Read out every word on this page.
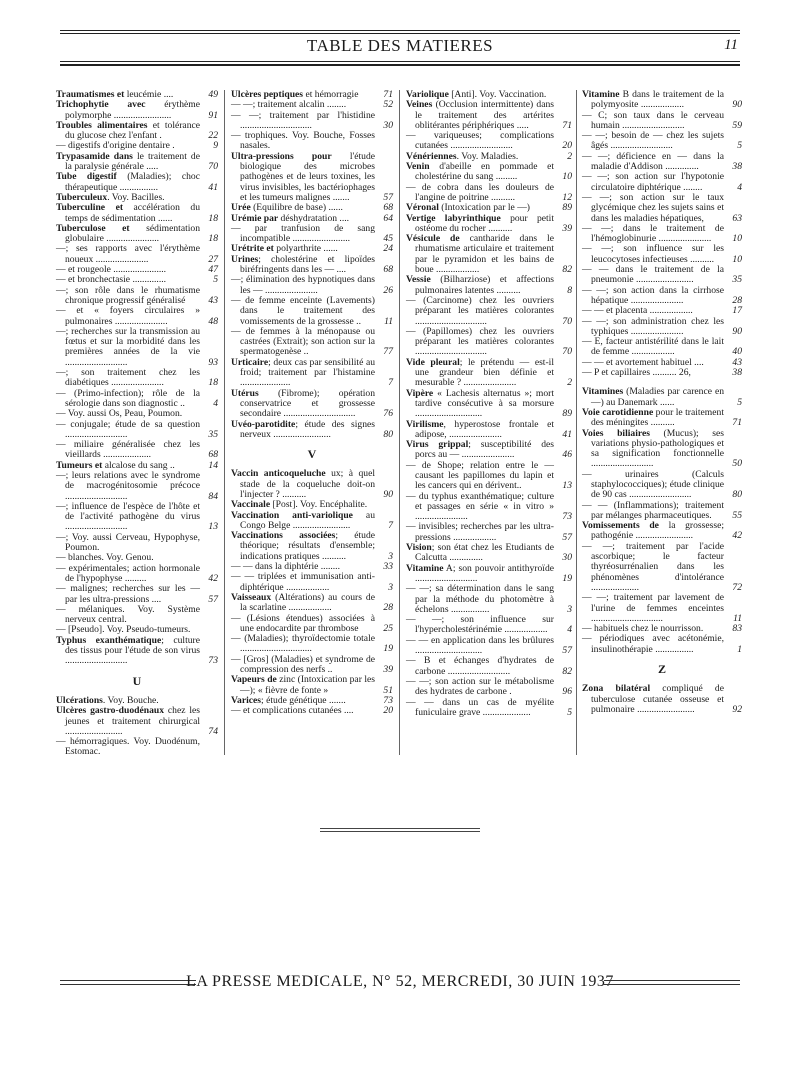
TABLE DES MATIERES	11
Traumatismes et leucémie ....	49
Trichophytie avec érythème polymorphe ........................	91
Troubles alimentaires et tolérance du glucose chez l'enfant .	22
— digestifs d'origine dentaire .	9
Trypasamide dans le traitement de la paralysie générale .....	70
Tube digestif (Maladies); choc thérapeutique ................	41
Tuberculeux. Voy. Bacilles.
Tuberculine et accélération du temps de sédimentation ......	18
Tuberculose et sédimentation globulaire ......................	18
—; ses rapports avec l'érythème noueux ......................	27
— et rougeole ......................	47
— et bronchectasie ..............	5
—; son rôle dans le rhumatisme chronique progressif généralisé 43
— et « foyers circulaires » pulmonaires ......................	48
—; recherches sur la transmission au fœtus et sur la morbidité dans les premières années de la vie ..........................	93
—; son traitement chez les diabétiques ......................	18
— (Primo-infection); rôle de la sérologie dans son diagnostic ..	4
— Voy. aussi Os, Peau, Poumon.
— conjugale; étude de sa question ..........................	35
— miliaire généralisée chez les vieillards ....................	68
Tumeurs et alcalose du sang ..	14
—; leurs relations avec le syndrome de macrogénitosomie précoce ..........................	84
—; influence de l'espèce de l'hôte et de l'activité pathogène du virus ..........................	13
—; Voy. aussi Cerveau, Hypophyse, Poumon.
— blanches. Voy. Genou.
— expérimentales; action hormonale de l'hypophyse .........	42
— malignes; recherches sur les — par les ultra-pressions ....	57
— mélaniques. Voy. Système nerveux central.
— [Pseudo]. Voy. Pseudo-tumeurs.
Typhus exanthématique; culture des tissus pour l'étude de son virus ..........................	73
U
Ulcérations. Voy. Bouche.
Ulcères gastro-duodénaux chez les jeunes et traitement chirurgical ........................	74
— hémorragiques. Voy. Duodénum, Estomac.
Ulcères peptiques et hémorragie	71
— —; traitement alcalin ........	52
— —; traitement par l'histidine ..............................	30
— trophiques. Voy. Bouche, Fosses nasales.
Ultra-pressions pour l'étude biologique des microbes pathogènes et de leurs toxines, les virus invisibles, les bactériophages et les tumeurs malignes .......	57
Urée (Equilibre de base) ......	68
Urémie par déshydratation ....	64
— par tranfusion de sang incompatible ........................	45
Urétrite et polyarthrite ......	24
Urines; cholestérine et lipoïdes biréfringents dans les — ....	68
—; élimination des hypnotiques dans les — ......................	26
— de femme enceinte (Lavements) dans le traitement des vomissements de la grossesse .. 11
— de femmes à la ménopause ou castrées (Extrait); son action sur la spermatogenèse ..	77
Urticaire; deux cas par sensibilité au froid; traitement par l'histamine .....................	7
Utérus (Fibrome); opération conservatrice et grossesse secondaire ..............................	76
Uvéo-parotidite; étude des signes nerveux ........................	80
V
Vaccin anticoqueluche ux; à quel stade de la coqueluche doit-on l'injecter ? ..........	90
Vaccinale [Post]. Voy. Encéphalite.
Vaccination anti-variolique au Congo Belge ........................	7
Vaccinations associées; étude théorique; résultats d'ensemble; indications pratiques ..........	3
— — dans la diphtérie ........	33
— — triplées et immunisation anti-diphtérique ..................	3
Vaisseaux (Altérations) au cours de la scarlatine ..................	28
— (Lésions étendues) associées à une endocardite par thrombose	25
— (Maladies); thyroïdectomie totale ..............................	19
— [Gros] (Maladies) et syndrome de compression des nerfs ..	39
Vapeurs de zinc (Intoxication par les —); « fièvre de fonte »	51
Varices; étude génétique .......	73
— et complications cutanées ....	20
Variolique [Anti]. Voy. Vaccination.
Veines (Occlusion intermittente) dans le traitement des artérites oblitérantes périphériques .....	71
— variqueuses; complications cutanées ..........................	20
Vénériennes. Voy. Maladies.	2
Venin d'abeille en pommade et cholestérine du sang .........	10
— de cobra dans les douleurs de l'angine de poitrine ..........	12
Véronal (Intoxication par le —)	89
Vertige labyrinthique pour petit ostéome du rocher ..........	39
Vésicule de cantharide dans le rhumatisme articulaire et traitement par le pyramidon et les bains de boue ..................	82
Vessie (Bilharziose) et affections pulmonaires latentes ..........	8
— (Carcinome) chez les ouvriers préparant les matières colorantes ..............................	70
— (Papillomes) chez les ouvriers préparant les matières colorantes ..............................	70
Vide pleural; le prétendu — est-il une grandeur bien définie et mesurable ? ......................	2
Vipère « Lachesis alternatus »; mort tardive consécutive à sa morsure ............................	89
Virilisme, hyperostose frontale et adipose, ......................	41
Virus grippal; susceptibilité des porcs au — ......................	46
— de Shope; relation entre le — causant les papillomes du lapin et les cancers qui en dérivent..	13
— du typhus exanthématique; culture et passages en série « in vitro » ......................	73
— invisibles; recherches par les ultra-pressions ..................	57
Vision; son état chez les Etudiants de Calcutta ..............	30
Vitamine A; son pouvoir antithyroïde ..........................	19
— —; sa détermination dans le sang par la méthode du photomètre à échelons ................	3
— —; son influence sur l'hypercholestérinémie .................. 4
— — en application dans les brûlures ............................	57
— B et échanges d'hydrates de carbone ..........................	82
— —; son action sur le métabolisme des hydrates de carbone .	96
— — dans un cas de myélite funiculaire grave ....................	5
Vitamine B dans le traitement de la polymyosite ..................	90
— C; son taux dans le cerveau humain ..........................	59
— —; besoin de — chez les sujets âgés ..........................	5
— —; déficience en — dans la maladie d'Addison ..............	38
— —; son action sur l'hypotonie circulatoire diphtérique ........	4
— —; son action sur le taux glycémique chez les sujets sains et dans les maladies hépatiques,	63
— —; dans le traitement de l'hémoglobinurie ...................... 10
— —; son influence sur les leucocytoses infectieuses .......... 10
— — dans le traitement de la pneumonie ........................	35
— —; son action dans la cirrhose hépatique ......................	28
— — et placenta ..................	17
— —; son administration chez les typhiques ......................	90
— E, facteur antistérilité dans le lait de femme ..................	40
— — et avortement habituel ....	43
— P et capillaires .......... 26,	38
Vitamines (Maladies par carence en —) au Danemark ......	5
Voie carotidienne pour le traitement des méningites ..........	71
Voies biliaires (Mucus); ses variations physio-pathologiques et sa signification fonctionnelle ..........................	50
— urinaires (Calculs staphylococciques); étude clinique de 90 cas ..........................	80
— — (Inflammations); traitement par mélanges pharmaceutiques. 55
Vomissements de la grossesse; pathogénie ........................	42
— —; traitement par l'acide ascorbique; le facteur thyréosurrénalien dans les phénomènes d'intolérance ....................	72
— —; traitement par lavement de l'urine de femmes enceintes ..............................	11
— habituels chez le nourrisson.	83
— périodiques avec acétonémie, insulinothérapie ................	1
Z
Zona bilatéral compliqué de tuberculose cutanée osseuse et pulmonaire ........................	92
LA PRESSE MEDICALE, N° 52, MERCREDI, 30 JUIN 1937
